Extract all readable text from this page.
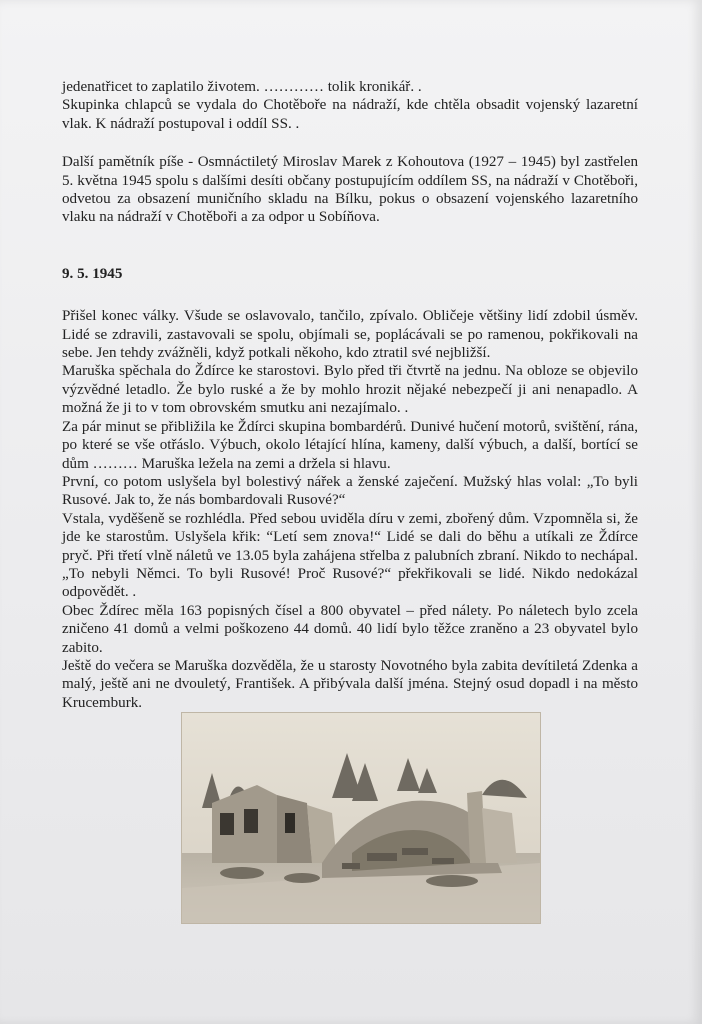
jedenatřicet to zaplatilo životem. ………… tolik kronikář. .

Skupinka chlapců se vydala do Chotěboře na nádraží, kde chtěla obsadit vojenský lazaretní vlak. K nádraží postupoval i oddíl SS. .

Další pamětník píše - Osmnáctiletý Miroslav Marek z Kohoutova (1927 – 1945) byl zastřelen 5. května 1945 spolu s dalšími desíti občany postupujícím oddílem SS, na nádraží v Chotěboři, odvetou za obsazení muničního skladu na Bílku, pokus o obsazení vojenského lazaretního vlaku na nádraží v Chotěboři a za odpor u Sobíňova.

9. 5. 1945

Přišel konec války. Všude se oslavovalo, tančilo, zpívalo. Obličeje většiny lidí zdobil úsměv. Lidé se zdravili, zastavovali se spolu, objímali se, poplácávali se po ramenou, pokřikovali na sebe. Jen tehdy zvážněli, když potkali někoho, kdo ztratil své nejbližší.

Maruška spěchala do Ždírce ke starostovi. Bylo před tři čtvrtě na jednu. Na obloze se objevilo výzvědné letadlo. Že bylo ruské a že by mohlo hrozit nějaké nebezpečí ji ani nenapadlo. A možná že ji to v tom obrovském smutku ani nezajímalo. .

Za pár minut se přibližila ke Ždírci skupina bombardérů. Dunivé hučení motorů, svištění, rána, po které se vše otřáslo. Výbuch, okolo létající hlína, kameny, další výbuch, a další, bortící se dům ……… Maruška ležela na zemi a držela si hlavu.

První, co potom uslyšela byl bolestivý nářek a ženské zaječení. Mužský hlas volal: „To byli Rusové. Jak to, že nás bombardovali Rusové?“

Vstala, vyděšeně se rozhlédla. Před sebou uviděla díru v zemi, zbořený dům. Vzpomněla si, že jde ke starostům. Uslyšela křik: “Letí sem znova!“ Lidé se dali do běhu a utíkali ze Ždírce pryč. Při třetí vlně náletů ve 13.05 byla zahájena střelba z palubních zbraní. Nikdo to nechápal. „To nebyli Němci. To byli Rusové! Proč Rusové?“ překřikovali se lidé. Nikdo nedokázal odpovědět. .

Obec Ždírec měla 163 popisných čísel a 800 obyvatel – před nálety. Po náletech bylo zcela zničeno 41 domů a velmi poškozeno 44 domů. 40 lidí bylo těžce zraněno a 23 obyvatel bylo zabito.

Ještě do večera se Maruška dozvěděla, že u starosty Novotného byla zabita devítiletá Zdenka a malý, ještě ani ne dvouletý, František. A přibývala další jména. Stejný osud dopadl i na město Krucemburk.
